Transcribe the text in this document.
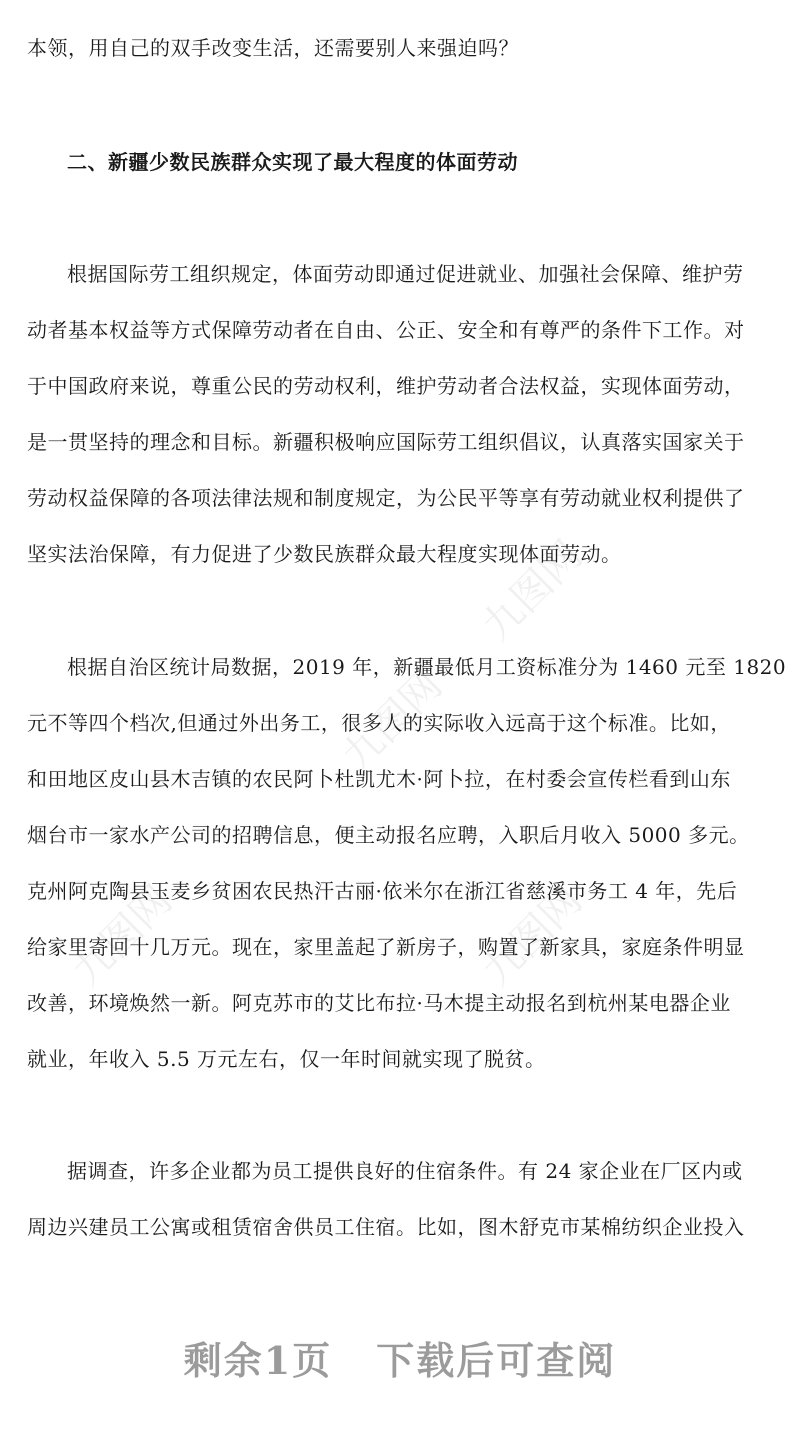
九图网
九图网
九图网	九图网
本领，用自己的双手改变生活，还需要别人来强迫吗？
二、新疆少数民族群众实现了最大程度的体面劳动
根据国际劳工组织规定，体面劳动即通过促进就业、加强社会保障、维护劳
动者基本权益等方式保障劳动者在自由、公正、安全和有尊严的条件下工作。对
于中国政府来说，尊重公民的劳动权利，维护劳动者合法权益，实现体面劳动，
是一贯坚持的理念和目标。新疆积极响应国际劳工组织倡议，认真落实国家关于
劳动权益保障的各项法律法规和制度规定，为公民平等享有劳动就业权利提供了
坚实法治保障，有力促进了少数民族群众最大程度实现体面劳动。
根据自治区统计局数据，2019 年，新疆最低月工资标准分为 1460 元至 1820
元不等四个档次,但通过外出务工，很多人的实际收入远高于这个标准。比如，
和田地区皮山县木吉镇的农民阿卜杜凯尤木·阿卜拉，在村委会宣传栏看到山东
烟台市一家水产公司的招聘信息，便主动报名应聘，入职后月收入 5000 多元。
克州阿克陶县玉麦乡贫困农民热汗古丽·依米尔在浙江省慈溪市务工 4 年，先后
给家里寄回十几万元。现在，家里盖起了新房子，购置了新家具，家庭条件明显
改善，环境焕然一新。阿克苏市的艾比布拉·马木提主动报名到杭州某电器企业
就业，年收入 5.5 万元左右，仅一年时间就实现了脱贫。
据调查，许多企业都为员工提供良好的住宿条件。有 24 家企业在厂区内或
周边兴建员工公寓或租赁宿舍供员工住宿。比如，图木舒克市某棉纺织企业投入
剩余1页 下载后可查阅
